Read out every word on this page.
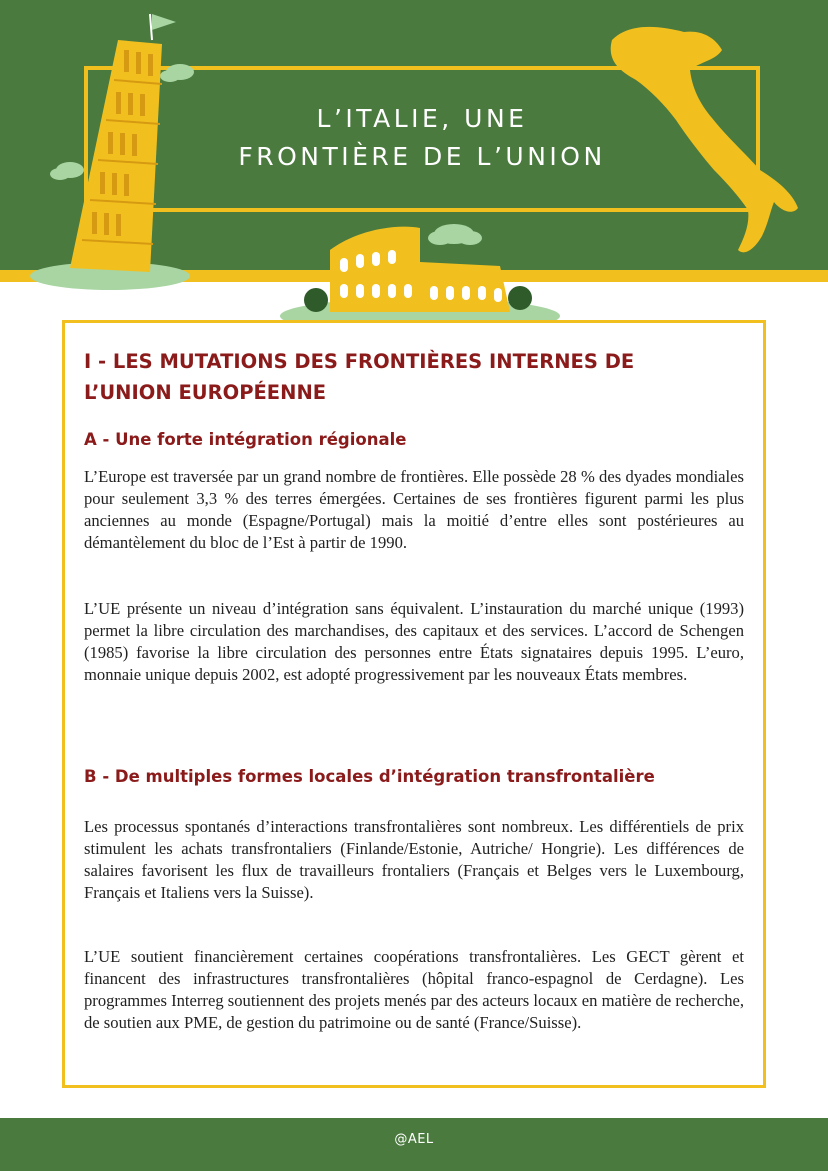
L’ITALIE, UNE
FRONTIÈRE DE L’UNION
I - LES MUTATIONS DES FRONTIÈRES INTERNES DE L’UNION EUROPÉENNE
A - Une forte intégration régionale
L’Europe est traversée par un grand nombre de frontières. Elle possède 28 % des dyades mondiales pour seulement 3,3 % des terres émergées. Certaines de ses frontières figurent parmi les plus anciennes au monde (Espagne/Portugal) mais la moitié d’entre elles sont postérieures au démantèlement du bloc de l’Est à partir de 1990.
L’UE présente un niveau d’intégration sans équivalent. L’instauration du marché unique (1993) permet la libre circulation des marchandises, des capitaux et des services. L’accord de Schengen (1985) favorise la libre circulation des personnes entre États signataires depuis 1995. L’euro, monnaie unique depuis 2002, est adopté progressivement par les nouveaux États membres.
B - De multiples formes locales d’intégration transfrontalière
Les processus spontanés d’interactions transfrontalières sont nombreux. Les différentiels de prix stimulent les achats transfrontaliers (Finlande/Estonie, Autriche/ Hongrie). Les différences de salaires favorisent les flux de travailleurs frontaliers (Français et Belges vers le Luxembourg, Français et Italiens vers la Suisse).
L’UE soutient financièrement certaines coopérations transfrontalières. Les GECT gèrent et financent des infrastructures transfrontalières (hôpital franco-espagnol de Cerdagne). Les programmes Interreg soutiennent des projets menés par des acteurs locaux en matière de recherche, de soutien aux PME, de gestion du patrimoine ou de santé (France/Suisse).
@AEL
